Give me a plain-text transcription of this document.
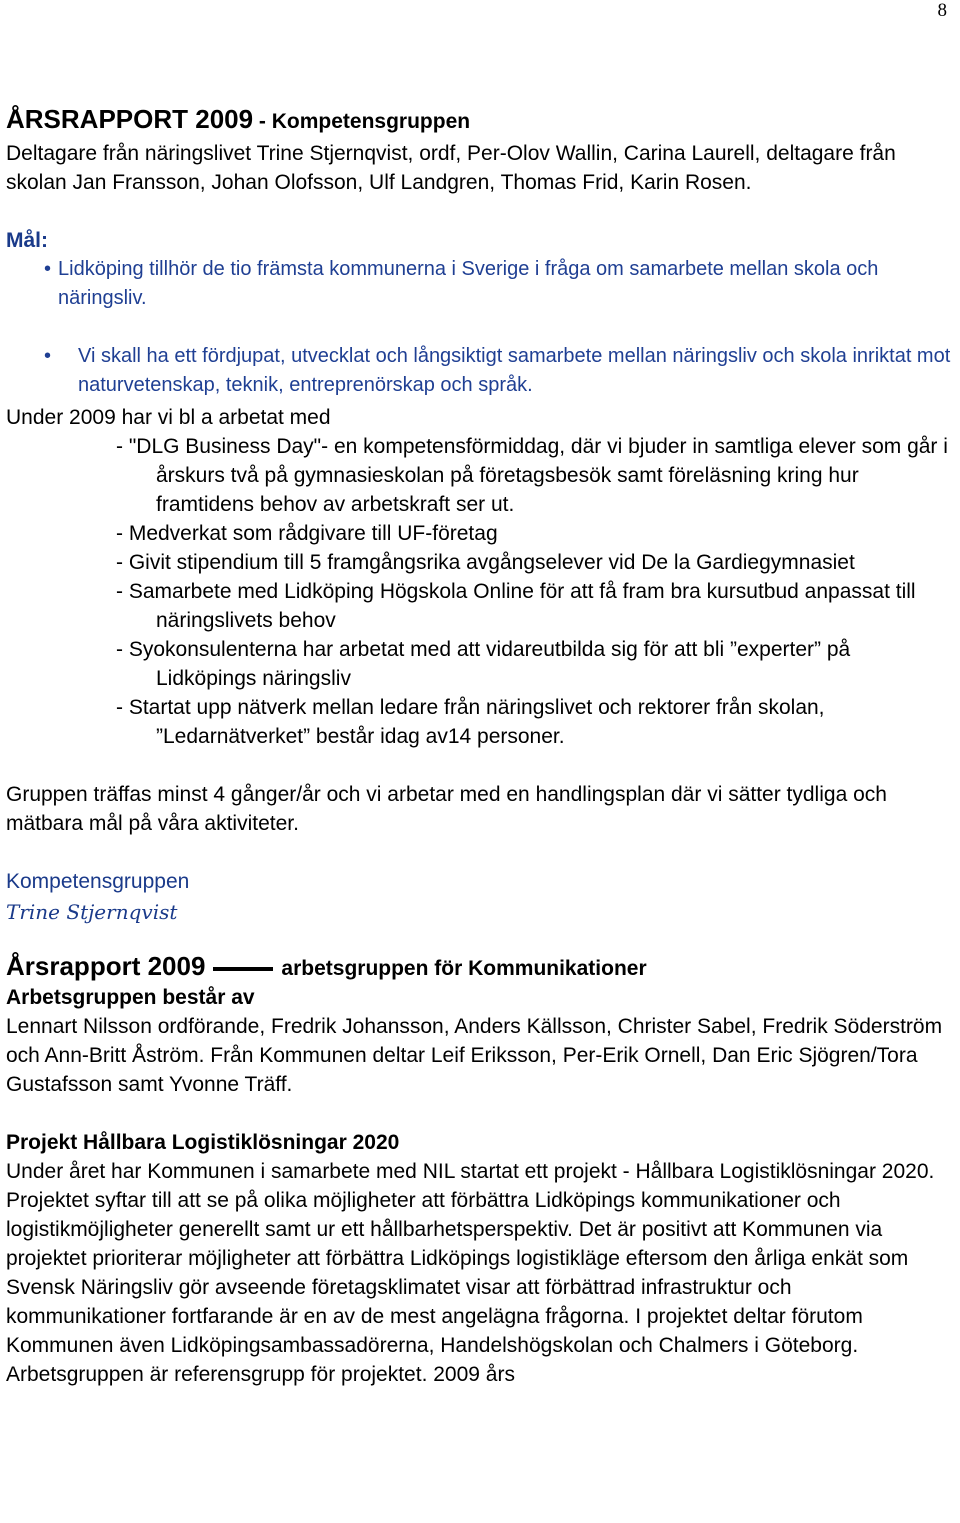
8
ÅRSRAPPORT 2009 - Kompetensgruppen

Deltagare från näringslivet Trine Stjernqvist, ordf, Per-Olov Wallin, Carina Laurell, deltagare från skolan Jan Fransson, Johan Olofsson, Ulf Landgren, Thomas Frid, Karin Rosen.

Mål:

• Lidköping tillhör de tio främsta kommunerna i Sverige i fråga om samarbete mellan skola och näringsliv.
• Vi skall ha ett fördjupat, utvecklat och långsiktigt samarbete mellan näringsliv och skola inriktat mot naturvetenskap, teknik, entreprenörskap och språk.

Under 2009 har vi bl a arbetat med

- "DLG Business Day"- en kompetensförmiddag, där vi bjuder in samtliga elever som går i årskurs två på gymnasieskolan på företagsbesök samt föreläsning kring hur framtidens behov av arbetskraft ser ut.
- Medverkat som rådgivare till UF-företag
- Givit stipendium till 5 framgångsrika avgångselever vid De la Gardiegymnasiet
- Samarbete med Lidköping Högskola Online för att få fram bra kursutbud anpassat till näringslivets behov
- Syokonsulenterna har arbetat med att vidareutbilda sig för att bli ”experter” på Lidköpings näringsliv
- Startat upp nätverk mellan ledare från näringslivet och rektorer från skolan, ”Ledarnätverket” består idag av14 personer.

Gruppen träffas minst 4 gånger/år och vi arbetar med en handlingsplan där vi sätter tydliga och mätbara mål på våra aktiviteter.

Kompetensgruppen

Trine Stjernqvist
Årsrapport 2009	arbetsgruppen för Kommunikationer

Arbetsgruppen består av

Lennart Nilsson ordförande, Fredrik Johansson, Anders Källsson, Christer Sabel, Fredrik Söderström och Ann-Britt Åström. Från Kommunen deltar Leif Eriksson, Per-Erik Ornell, Dan Eric Sjögren/Tora Gustafsson samt Yvonne Träff.

Projekt Hållbara Logistiklösningar 2020

Under året har Kommunen i samarbete med NIL startat ett projekt - Hållbara Logistiklösningar 2020. Projektet syftar till att se på olika möjligheter att förbättra Lidköpings kommunikationer och logistikmöjligheter generellt samt ur ett hållbarhetsperspektiv. Det är positivt att Kommunen via projektet prioriterar möjligheter att förbättra Lidköpings logistikläge eftersom den årliga enkät som Svensk Näringsliv gör avseende företagsklimatet visar att förbättrad infrastruktur och kommunikationer fortfarande är en av de mest angelägna frågorna. I projektet deltar förutom Kommunen även Lidköpingsambassadörerna, Handelshögskolan och Chalmers i Göteborg. Arbetsgruppen är referensgrupp för projektet. 2009 års
